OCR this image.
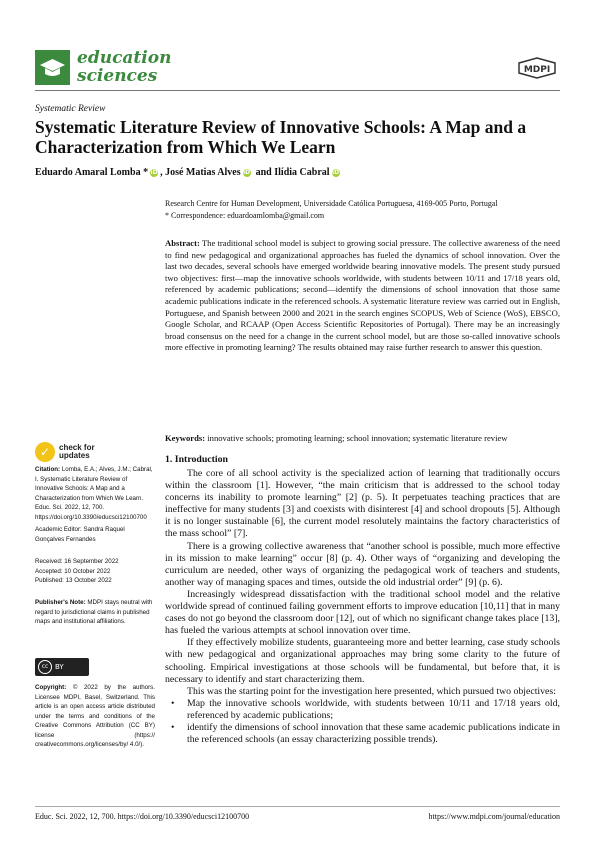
education
sciences	MDPI
Systematic Review
Systematic Literature Review of Innovative Schools: A Map and a Characterization from Which We Learn
Eduardo Amaral Lomba * iD , José Matias Alves iD and Ilídia Cabral iD
Research Centre for Human Development, Universidade Católica Portuguesa, 4169-005 Porto, Portugal
* Correspondence: eduardoamlomba@gmail.com
Abstract: The traditional school model is subject to growing social pressure. The collective awareness of the need to find new pedagogical and organizational approaches has fueled the dynamics of school innovation. Over the last two decades, several schools have emerged worldwide bearing innovative models. The present study pursued two objectives: first—map the innovative schools worldwide, with students between 10/11 and 17/18 years old, referenced by academic publications; second—identify the dimensions of school innovation that those same academic publications indicate in the referenced schools. A systematic literature review was carried out in English, Portuguese, and Spanish between 2000 and 2021 in the search engines SCOPUS, Web of Science (WoS), EBSCO, Google Scholar, and RCAAP (Open Access Scientific Repositories of Portugal). There may be an increasingly broad consensus on the need for a change in the current school model, but are those so-called innovative schools more effective in promoting learning? The results obtained may raise further research to answer this question.
Keywords: innovative schools; promoting learning; school innovation; systematic literature review
✓	check for
updates
Citation: Lomba, E.A.; Alves, J.M.; Cabral, I. Systematic Literature Review of Innovative Schools: A Map and a Characterization from Which We Learn. Educ. Sci. 2022, 12, 700. https://doi.org/10.3390/educsci12100700
Academic Editor: Sandra Raquel Gonçalves Fernandes
Received: 16 September 2022
Accepted: 10 October 2022
Published: 13 October 2022
Publisher's Note: MDPI stays neutral with regard to jurisdictional claims in published maps and institutional affiliations.
cc BY
Copyright: © 2022 by the authors. Licensee MDPI, Basel, Switzerland. This article is an open access article distributed under the terms and conditions of the Creative Commons Attribution (CC BY) license (https:// creativecommons.org/licenses/by/ 4.0/).
1. Introduction

The core of all school activity is the specialized action of learning that traditionally occurs within the classroom [1]. However, “the main criticism that is addressed to the school today concerns its inability to promote learning” [2] (p. 5). It perpetuates teaching practices that are ineffective for many students [3] and coexists with disinterest [4] and school dropouts [5]. Although it is no longer sustainable [6], the current model resolutely maintains the factory characteristics of the mass school” [7].

There is a growing collective awareness that “another school is possible, much more effective in its mission to make learning” occur [8] (p. 4). Other ways of “organizing and developing the curriculum are needed, other ways of organizing the pedagogical work of teachers and students, another way of managing spaces and times, outside the old industrial order” [9] (p. 6).

Increasingly widespread dissatisfaction with the traditional school model and the relative worldwide spread of continued failing government efforts to improve education [10,11] that in many cases do not go beyond the classroom door [12], out of which no significant change takes place [13], has fueled the various attempts at school innovation over time.

If they effectively mobilize students, guaranteeing more and better learning, case study schools with new pedagogical and organizational approaches may bring some clarity to the future of schooling. Empirical investigations at those schools will be fundamental, but before that, it is necessary to identify and start characterizing them.

This was the starting point for the investigation here presented, which pursued two objectives:

• Map the innovative schools worldwide, with students between 10/11 and 17/18 years old, referenced by academic publications;
• identify the dimensions of school innovation that these same academic publications indicate in the referenced schools (an essay characterizing possible trends).
Educ. Sci. 2022, 12, 700. https://doi.org/10.3390/educsci12100700	https://www.mdpi.com/journal/education
